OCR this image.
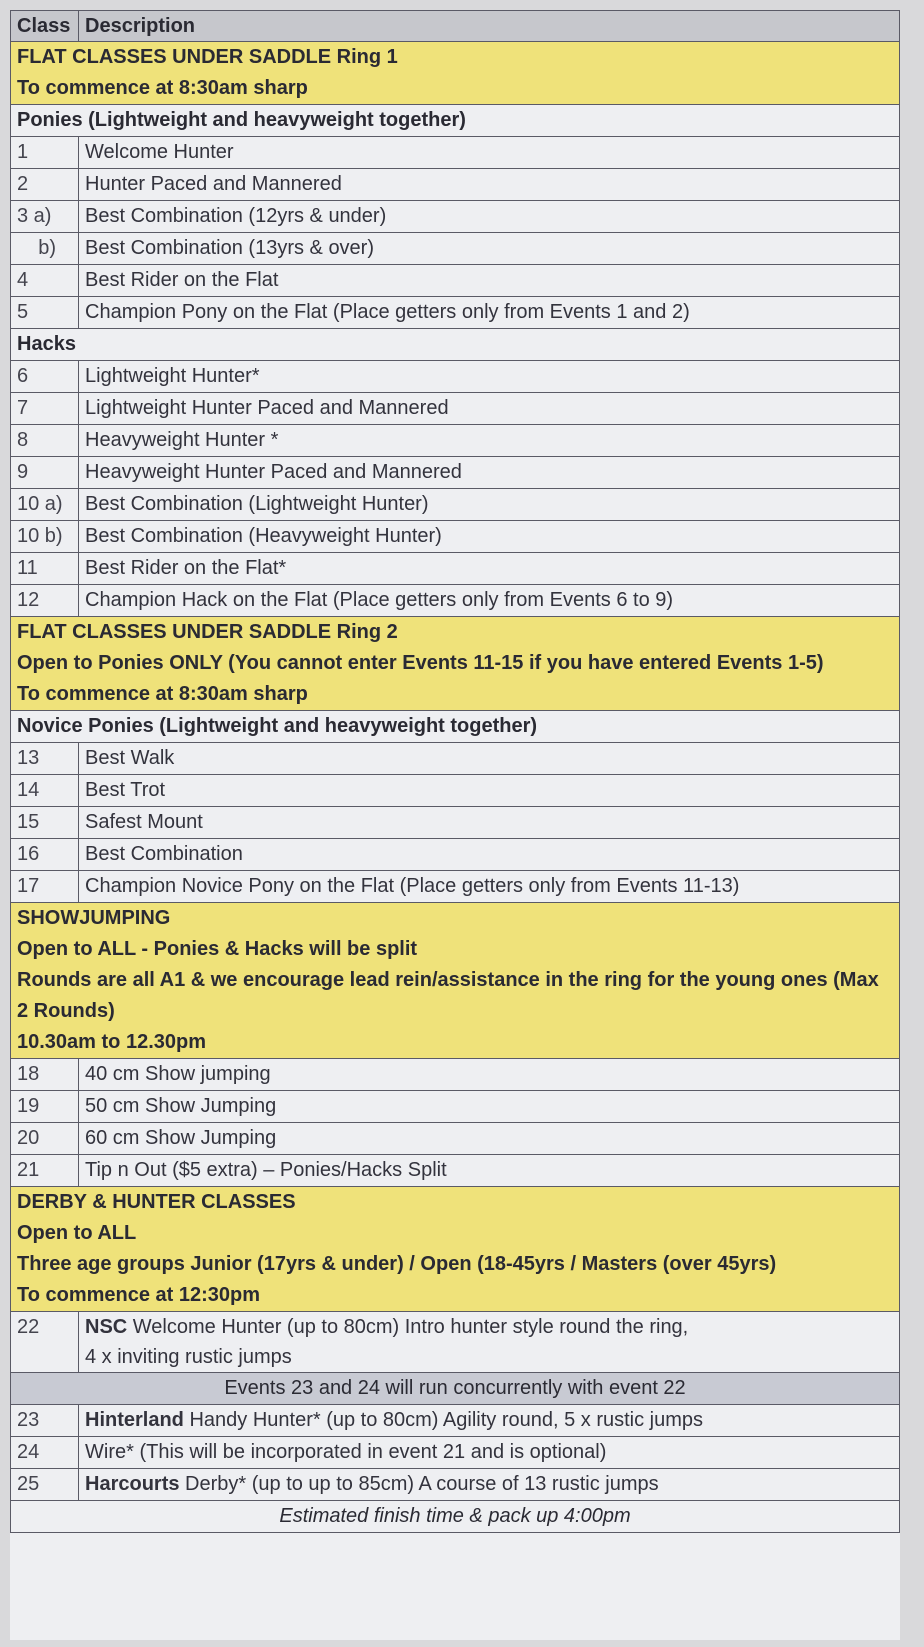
Class	Description

FLAT CLASSES UNDER SADDLE Ring 1
To commence at 8:30am sharp	

Ponies (Lightweight and heavyweight together)	
1	Welcome Hunter
2	Hunter Paced and Mannered
3 a)	Best Combination (12yrs & under)
b)	Best Combination (13yrs & over)
4	Best Rider on the Flat
5	Champion Pony on the Flat (Place getters only from Events 1 and 2)
Hacks	
6	Lightweight Hunter*
7	Lightweight Hunter Paced and Mannered
8	Heavyweight Hunter *
9	Heavyweight Hunter Paced and Mannered
10 a)	Best Combination (Lightweight Hunter)
10 b)	Best Combination (Heavyweight Hunter)
11	Best Rider on the Flat*
12	Champion Hack on the Flat (Place getters only from Events 6 to 9)

FLAT CLASSES UNDER SADDLE Ring 2
Open to Ponies ONLY (You cannot enter Events 11-15 if you have entered Events 1-5)
To commence at 8:30am sharp	

Novice Ponies (Lightweight and heavyweight together)	
13	Best Walk
14	Best Trot
15	Safest Mount
16	Best Combination
17	Champion Novice Pony on the Flat (Place getters only from Events 11-13)

SHOWJUMPING
Open to ALL - Ponies & Hacks will be split
Rounds are all A1 & we encourage lead rein/assistance in the ring for the young ones (Max 2 Rounds)
10.30am to 12.30pm	

18	40 cm Show jumping
19	50 cm Show Jumping
20	60 cm Show Jumping
21	Tip n Out ($5 extra) – Ponies/Hacks Split

DERBY & HUNTER CLASSES
Open to ALL
Three age groups Junior (17yrs & under) / Open (18-45yrs / Masters (over 45yrs)
To commence at 12:30pm	

22	NSC Welcome Hunter (up to 80cm) Intro hunter style round the ring,
4 x inviting rustic jumps

Events 23 and 24 will run concurrently with event 22	
23	Hinterland Handy Hunter* (up to 80cm) Agility round, 5 x rustic jumps
24	Wire* (This will be incorporated in event 21 and is optional)
25	Harcourts Derby* (up to up to 85cm) A course of 13 rustic jumps
Estimated finish time & pack up 4:00pm	
